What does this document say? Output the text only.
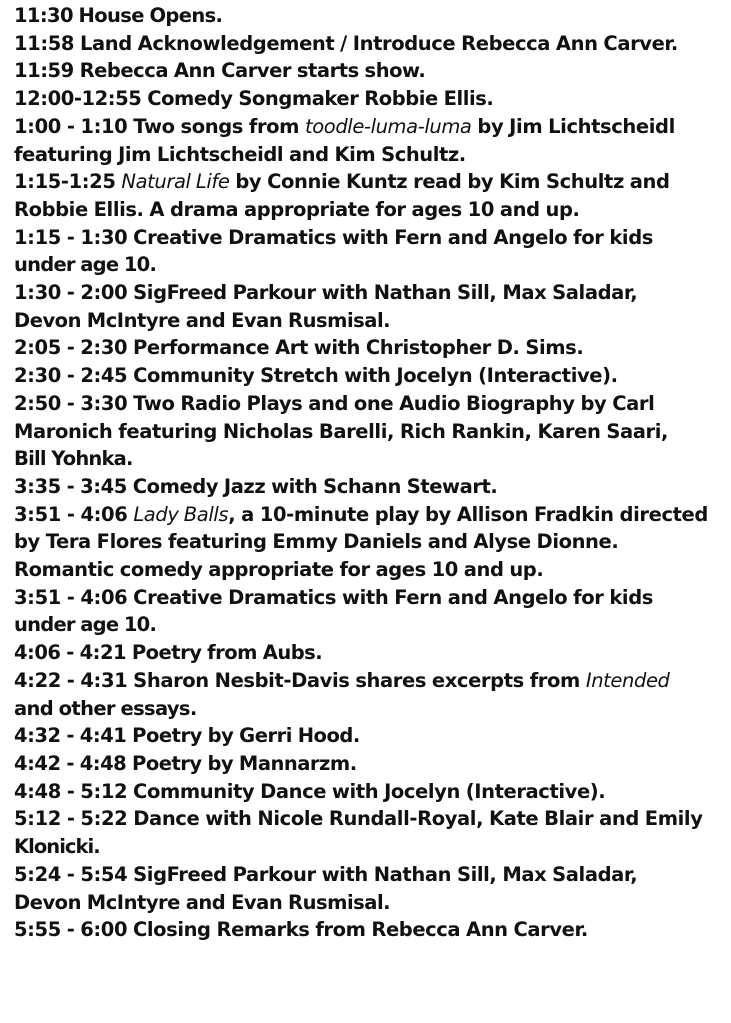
11:30 House Opens.
11:58 Land Acknowledgement / Introduce Rebecca Ann Carver.
11:59 Rebecca Ann Carver starts show.
12:00-12:55 Comedy Songmaker Robbie Ellis.
1:00 - 1:10 Two songs from toodle-luma-luma by Jim Lichtscheidl
featuring Jim Lichtscheidl and Kim Schultz.
1:15-1:25 Natural Life by Connie Kuntz read by Kim Schultz and
Robbie Ellis. A drama appropriate for ages 10 and up.
1:15 - 1:30 Creative Dramatics with Fern and Angelo for kids
under age 10.
1:30 - 2:00 SigFreed Parkour with Nathan Sill, Max Saladar,
Devon McIntyre and Evan Rusmisal.
2:05 - 2:30 Performance Art with Christopher D. Sims.
2:30 - 2:45 Community Stretch with Jocelyn (Interactive).
2:50 - 3:30 Two Radio Plays and one Audio Biography by Carl
Maronich featuring Nicholas Barelli, Rich Rankin, Karen Saari,
Bill Yohnka.
3:35 - 3:45 Comedy Jazz with Schann Stewart.
3:51 - 4:06 Lady Balls, a 10-minute play by Allison Fradkin directed
by Tera Flores featuring Emmy Daniels and Alyse Dionne.
Romantic comedy appropriate for ages 10 and up.
3:51 - 4:06 Creative Dramatics with Fern and Angelo for kids
under age 10.
4:06 - 4:21 Poetry from Aubs.
4:22 - 4:31 Sharon Nesbit-Davis shares excerpts from Intended
and other essays.
4:32 - 4:41 Poetry by Gerri Hood.
4:42 - 4:48 Poetry by Mannarzm.
4:48 - 5:12 Community Dance with Jocelyn (Interactive).
5:12 - 5:22 Dance with Nicole Rundall-Royal, Kate Blair and Emily
Klonicki.
5:24 - 5:54 SigFreed Parkour with Nathan Sill, Max Saladar,
Devon McIntyre and Evan Rusmisal.
5:55 - 6:00 Closing Remarks from Rebecca Ann Carver.
